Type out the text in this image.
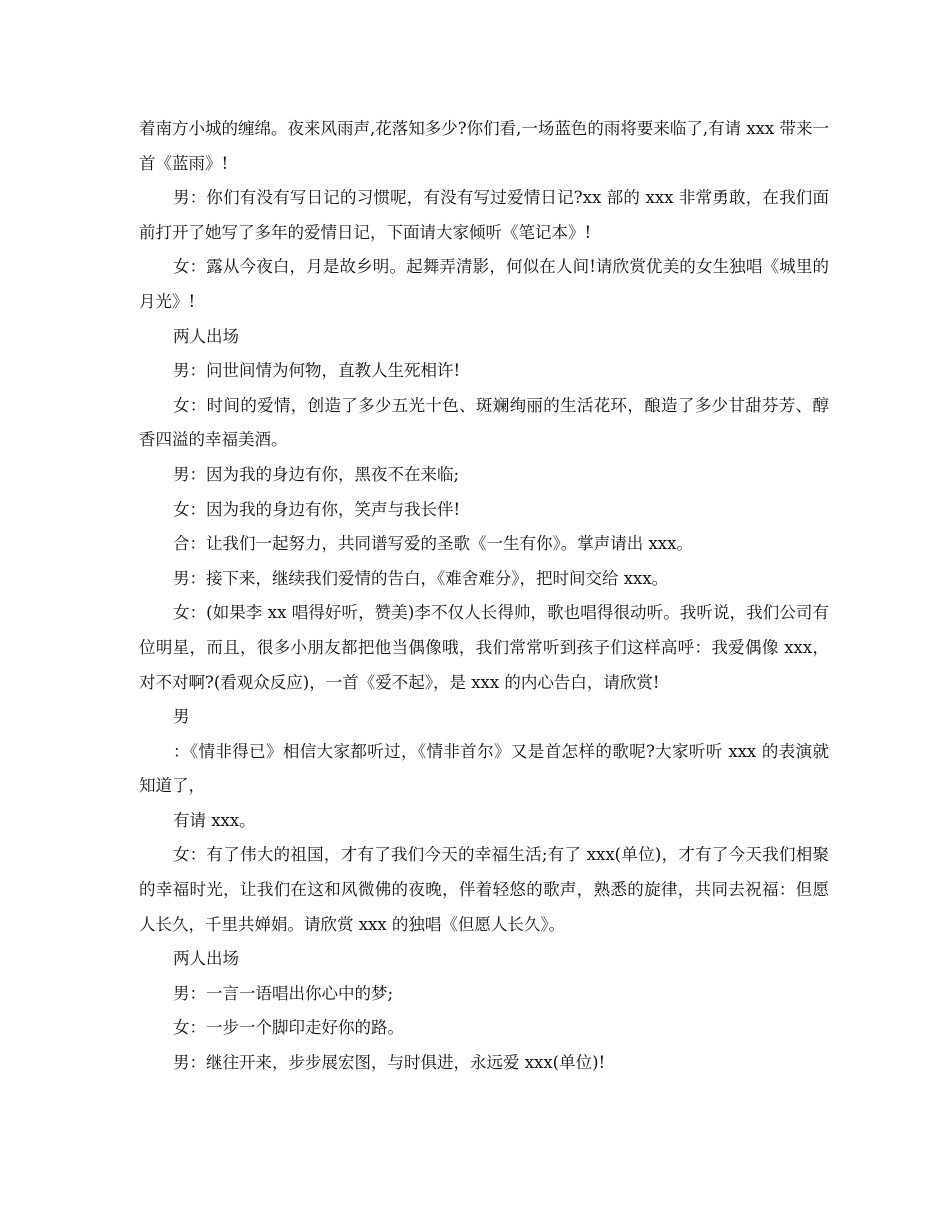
着南方小城的缠绵。夜来风雨声,花落知多少?你们看,一场蓝色的雨将要来临了,有请 xxx 带来一首《蓝雨》!

男：你们有没有写日记的习惯呢，有没有写过爱情日记?xx 部的 xxx 非常勇敢，在我们面前打开了她写了多年的爱情日记，下面请大家倾听《笔记本》!

女：露从今夜白，月是故乡明。起舞弄清影，何似在人间!请欣赏优美的女生独唱《城里的月光》!

两人出场

男：问世间情为何物，直教人生死相许!

女：时间的爱情，创造了多少五光十色、斑斓绚丽的生活花环，酿造了多少甘甜芬芳、醇香四溢的幸福美酒。

男：因为我的身边有你，黑夜不在来临;

女：因为我的身边有你，笑声与我长伴!

合：让我们一起努力，共同谱写爱的圣歌《一生有你》。掌声请出 xxx。

男：接下来，继续我们爱情的告白，《难舍难分》，把时间交给 xxx。

女：(如果李 xx 唱得好听，赞美)李不仅人长得帅，歌也唱得很动听。我听说，我们公司有位明星，而且，很多小朋友都把他当偶像哦，我们常常听到孩子们这样高呼：我爱偶像 xxx，对不对啊?(看观众反应)，一首《爱不起》，是 xxx 的内心告白，请欣赏!

男

：《情非得已》相信大家都听过，《情非首尔》又是首怎样的歌呢?大家听听 xxx 的表演就知道了，

有请 xxx。

女：有了伟大的祖国，才有了我们今天的幸福生活;有了 xxx(单位)，才有了今天我们相聚的幸福时光，让我们在这和风微佛的夜晚，伴着轻悠的歌声，熟悉的旋律，共同去祝福：但愿人长久，千里共婵娟。请欣赏 xxx 的独唱《但愿人长久》。

两人出场

男：一言一语唱出你心中的梦;

女：一步一个脚印走好你的路。

男：继往开来，步步展宏图，与时俱进，永远爱 xxx(单位)!
